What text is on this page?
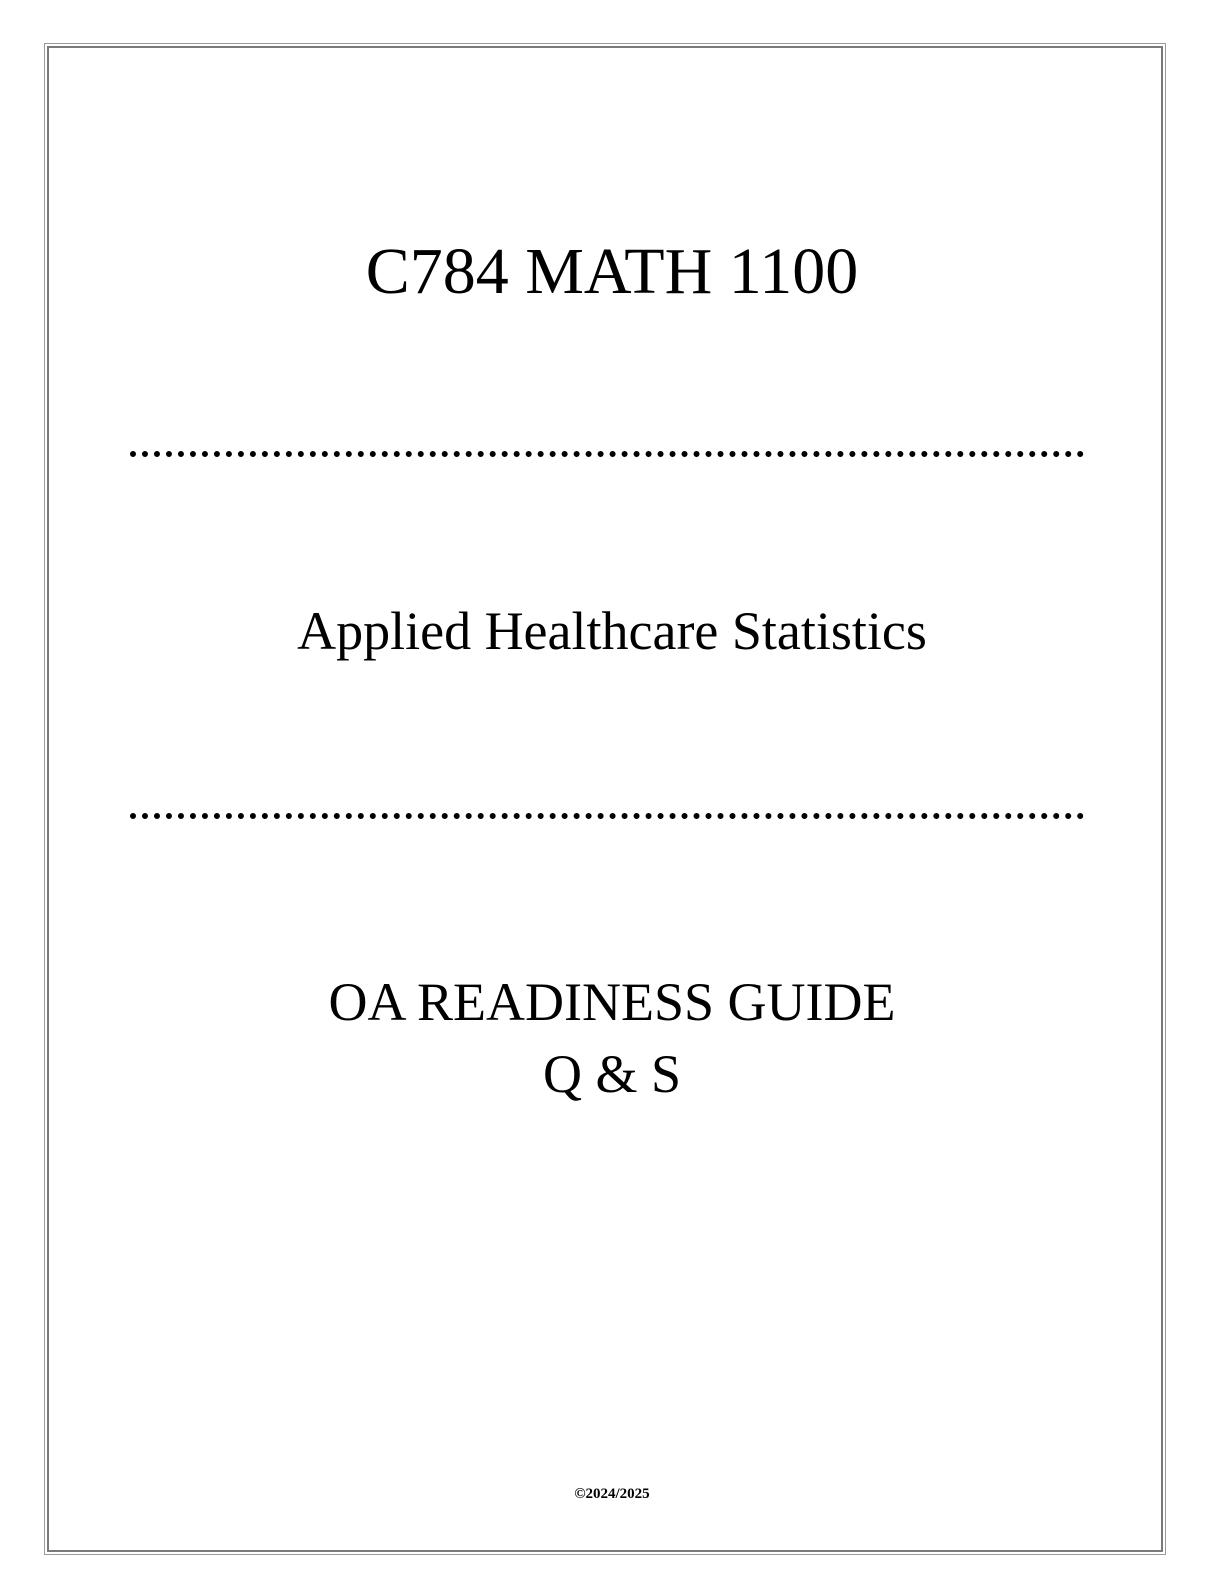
C784 MATH 1100
Applied Healthcare Statistics
OA READINESS GUIDE
Q & S
©2024/2025
